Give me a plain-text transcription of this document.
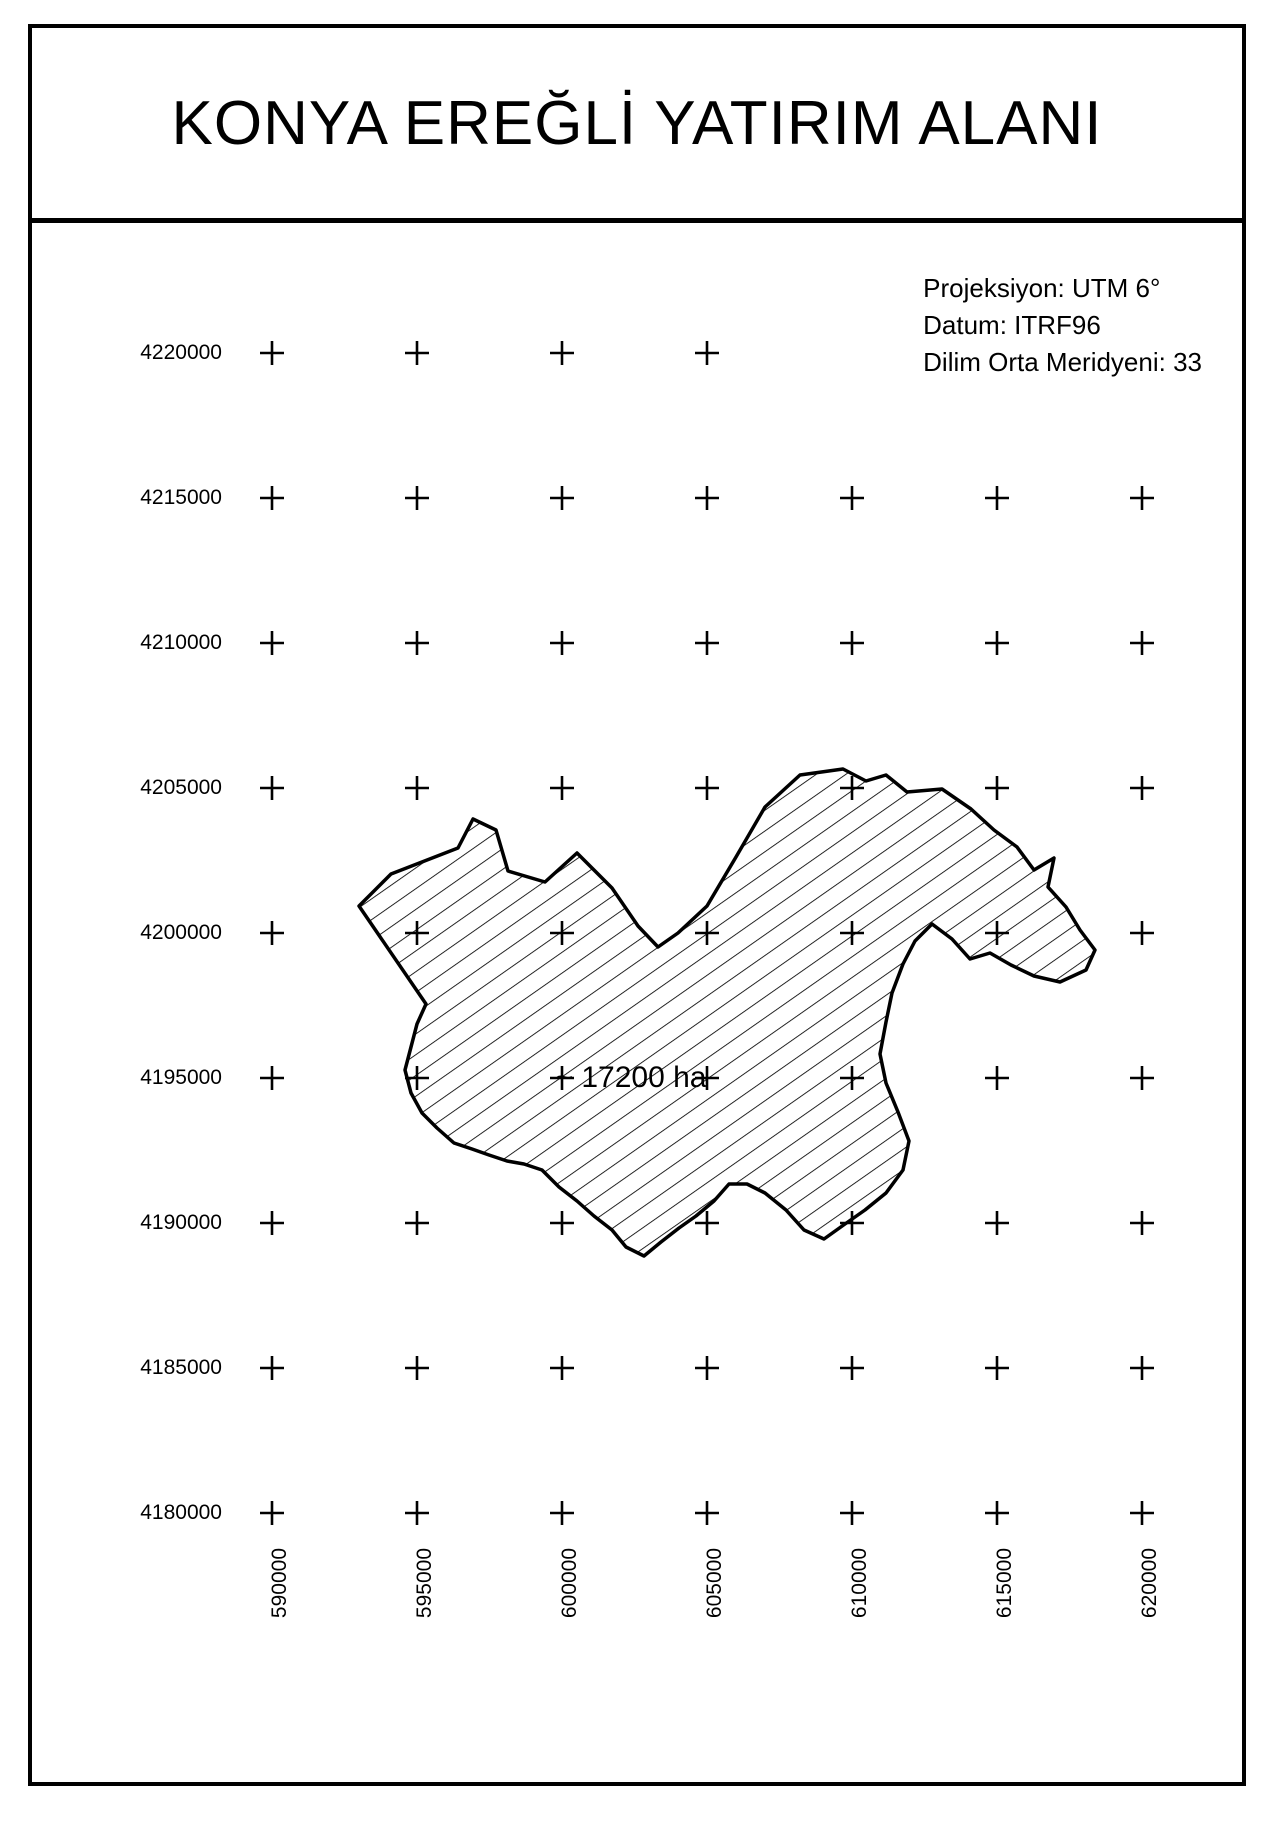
KONYA EREĞLİ YATIRIM ALANI
Projeksiyon: UTM 6°
Datum: ITRF96
Dilim Orta Meridyeni: 33
~ 17200 ha
4220000
4215000
4210000
4205000
4200000
4195000
4190000
4185000
4180000
590000	595000	600000	605000	610000	615000	620000
